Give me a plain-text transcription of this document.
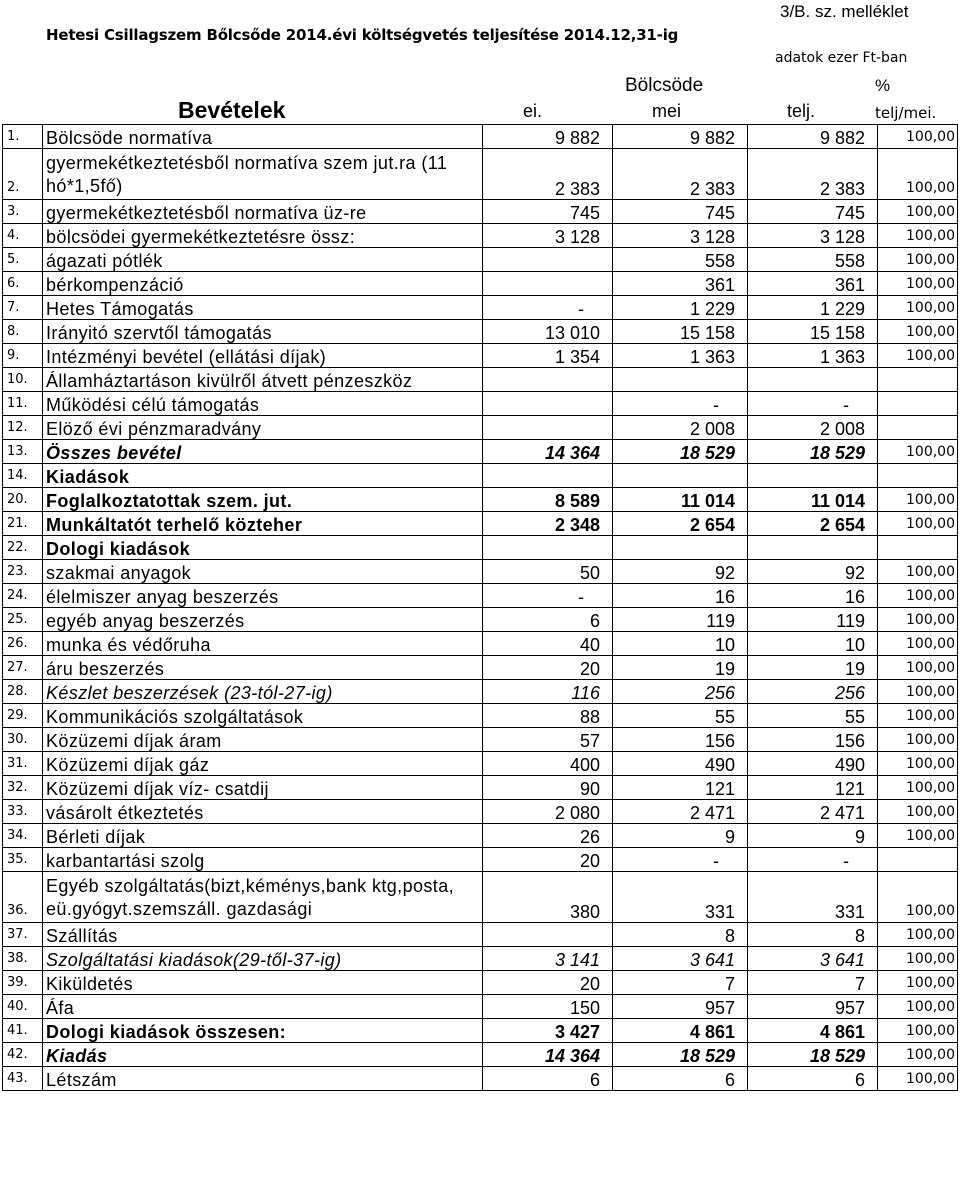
3/B. sz. melléklet
Hetesi Csillagszem Bőlcsőde 2014.évi költségvetés teljesítése 2014.12,31-ig
adatok ezer Ft-ban
Bölcsöde	%
Bevételek	ei.	mei	telj.	telj/mei.
1.	Bölcsöde normatíva	9 882	9 882	9 882	100,00
2.	gyermekétkeztetésből normatíva szem jut.ra (11 hó*1,5fő)	2 383	2 383	2 383	100,00
3.	gyermekétkeztetésből normatíva üz-re	745	745	745	100,00
4.	bölcsödei gyermekétkeztetésre össz:	3 128	3 128	3 128	100,00
5.	ágazati pótlék		558	558	100,00
6.	bérkompenzáció		361	361	100,00
7.	Hetes Támogatás	-	1 229	1 229	100,00
8.	Irányitó szervtől támogatás	13 010	15 158	15 158	100,00
9.	Intézményi bevétel (ellátási díjak)	1 354	1 363	1 363	100,00
10.	Államháztartáson kivülről átvett pénzeszköz				
11.	Működési célú támogatás		-	-	
12.	Elöző évi pénzmaradvány		2 008	2 008	
13.	Összes bevétel	14 364	18 529	18 529	100,00
14.	Kiadások				
20.	Foglalkoztatottak szem. jut.	8 589	11 014	11 014	100,00
21.	Munkáltatót terhelő közteher	2 348	2 654	2 654	100,00
22.	Dologi kiadások				
23.	szakmai anyagok	50	92	92	100,00
24.	élelmiszer anyag beszerzés	-	16	16	100,00
25.	egyéb anyag beszerzés	6	119	119	100,00
26.	munka és védőruha	40	10	10	100,00
27.	áru beszerzés	20	19	19	100,00
28.	Készlet beszerzések (23-tól-27-ig)	116	256	256	100,00
29.	Kommunikációs szolgáltatások	88	55	55	100,00
30.	Közüzemi díjak áram	57	156	156	100,00
31.	Közüzemi díjak gáz	400	490	490	100,00
32.	Közüzemi díjak víz- csatdij	90	121	121	100,00
33.	vásárolt étkeztetés	2 080	2 471	2 471	100,00
34.	Bérleti díjak	26	9	9	100,00
35.	karbantartási szolg	20	-	-	
36.	Egyéb szolgáltatás(bizt,kéménys,bank ktg,posta, eü.gyógyt.szemszáll. gazdasági	380	331	331	100,00
37.	Szállítás		8	8	100,00
38.	Szolgáltatási kiadások(29-től-37-ig)	3 141	3 641	3 641	100,00
39.	Kiküldetés	20	7	7	100,00
40.	Áfa	150	957	957	100,00
41.	Dologi kiadások összesen:	3 427	4 861	4 861	100,00
42.	Kiadás	14 364	18 529	18 529	100,00
43.	Létszám	6	6	6	100,00
